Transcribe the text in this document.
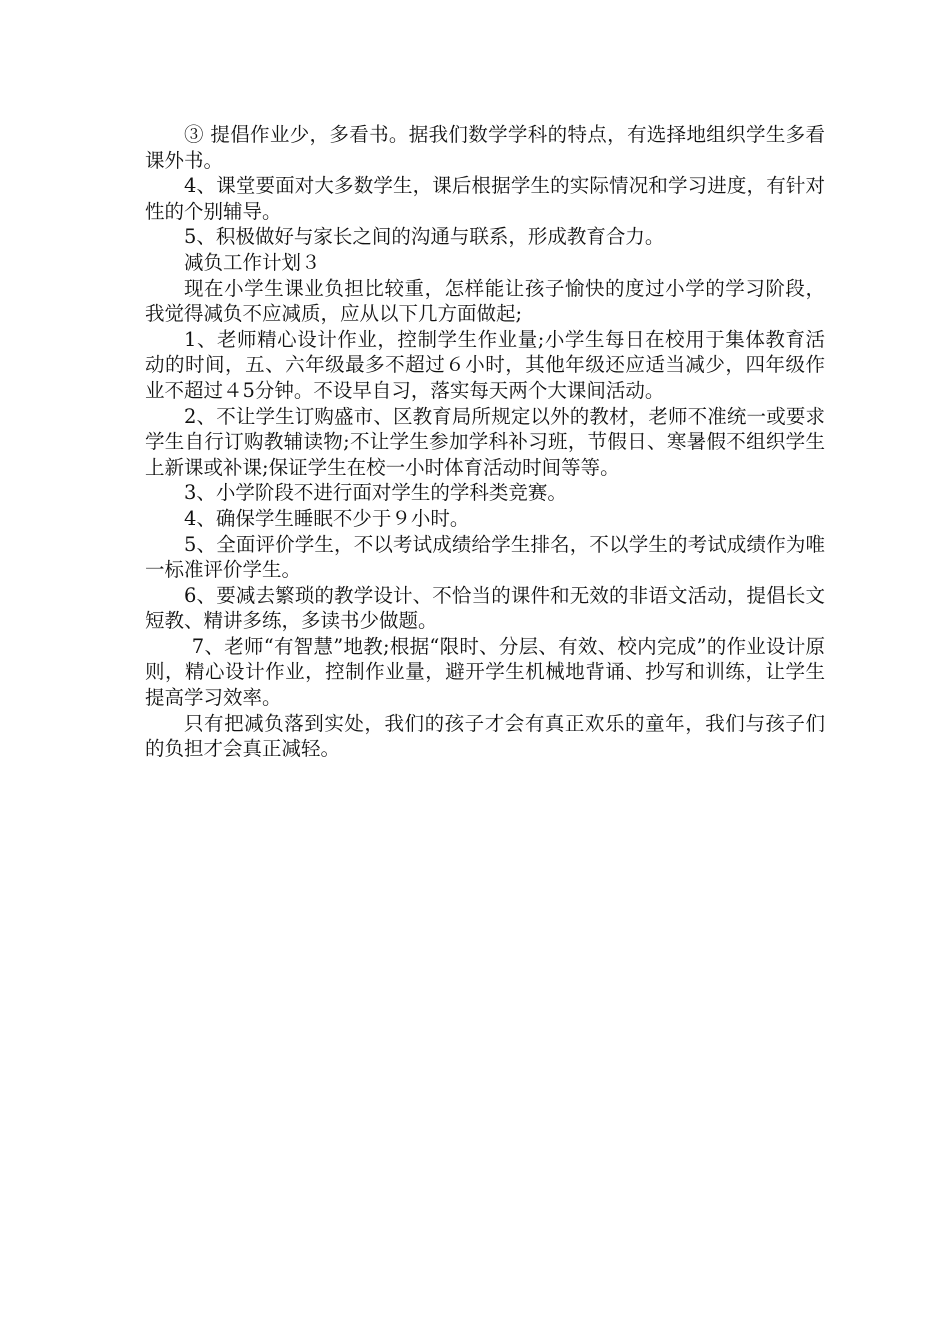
③ 提倡作业少，多看书。据我们数学学科的特点，有选择地组织学生多看课外书。

4、课堂要面对大多数学生，课后根据学生的实际情况和学习进度，有针对性的个别辅导。

5、积极做好与家长之间的沟通与联系，形成教育合力。

减负工作计划３

现在小学生课业负担比较重，怎样能让孩子愉快的度过小学的学习阶段，我觉得减负不应减质，应从以下几方面做起;

1、老师精心设计作业，控制学生作业量;小学生每日在校用于集体教育活动的时间，五、六年级最多不超过６小时，其他年级还应适当减少，四年级作业不超过４5分钟。不设早自习，落实每天两个大课间活动。

2、不让学生订购盛市、区教育局所规定以外的教材，老师不准统一或要求学生自行订购教辅读物;不让学生参加学科补习班，节假日、寒暑假不组织学生上新课或补课;保证学生在校一小时体育活动时间等等。

3、小学阶段不进行面对学生的学科类竞赛。

4、确保学生睡眠不少于９小时。

5、全面评价学生，不以考试成绩给学生排名，不以学生的考试成绩作为唯一标准评价学生。

6、要减去繁琐的教学设计、不恰当的课件和无效的非语文活动，提倡长文短教、精讲多练，多读书少做题。

7、老师“有智慧”地教;根据“限时、分层、有效、校内完成”的作业设计原则，精心设计作业，控制作业量，避开学生机械地背诵、抄写和训练，让学生提高学习效率。

只有把减负落到实处，我们的孩子才会有真正欢乐的童年，我们与孩子们的负担才会真正减轻。
